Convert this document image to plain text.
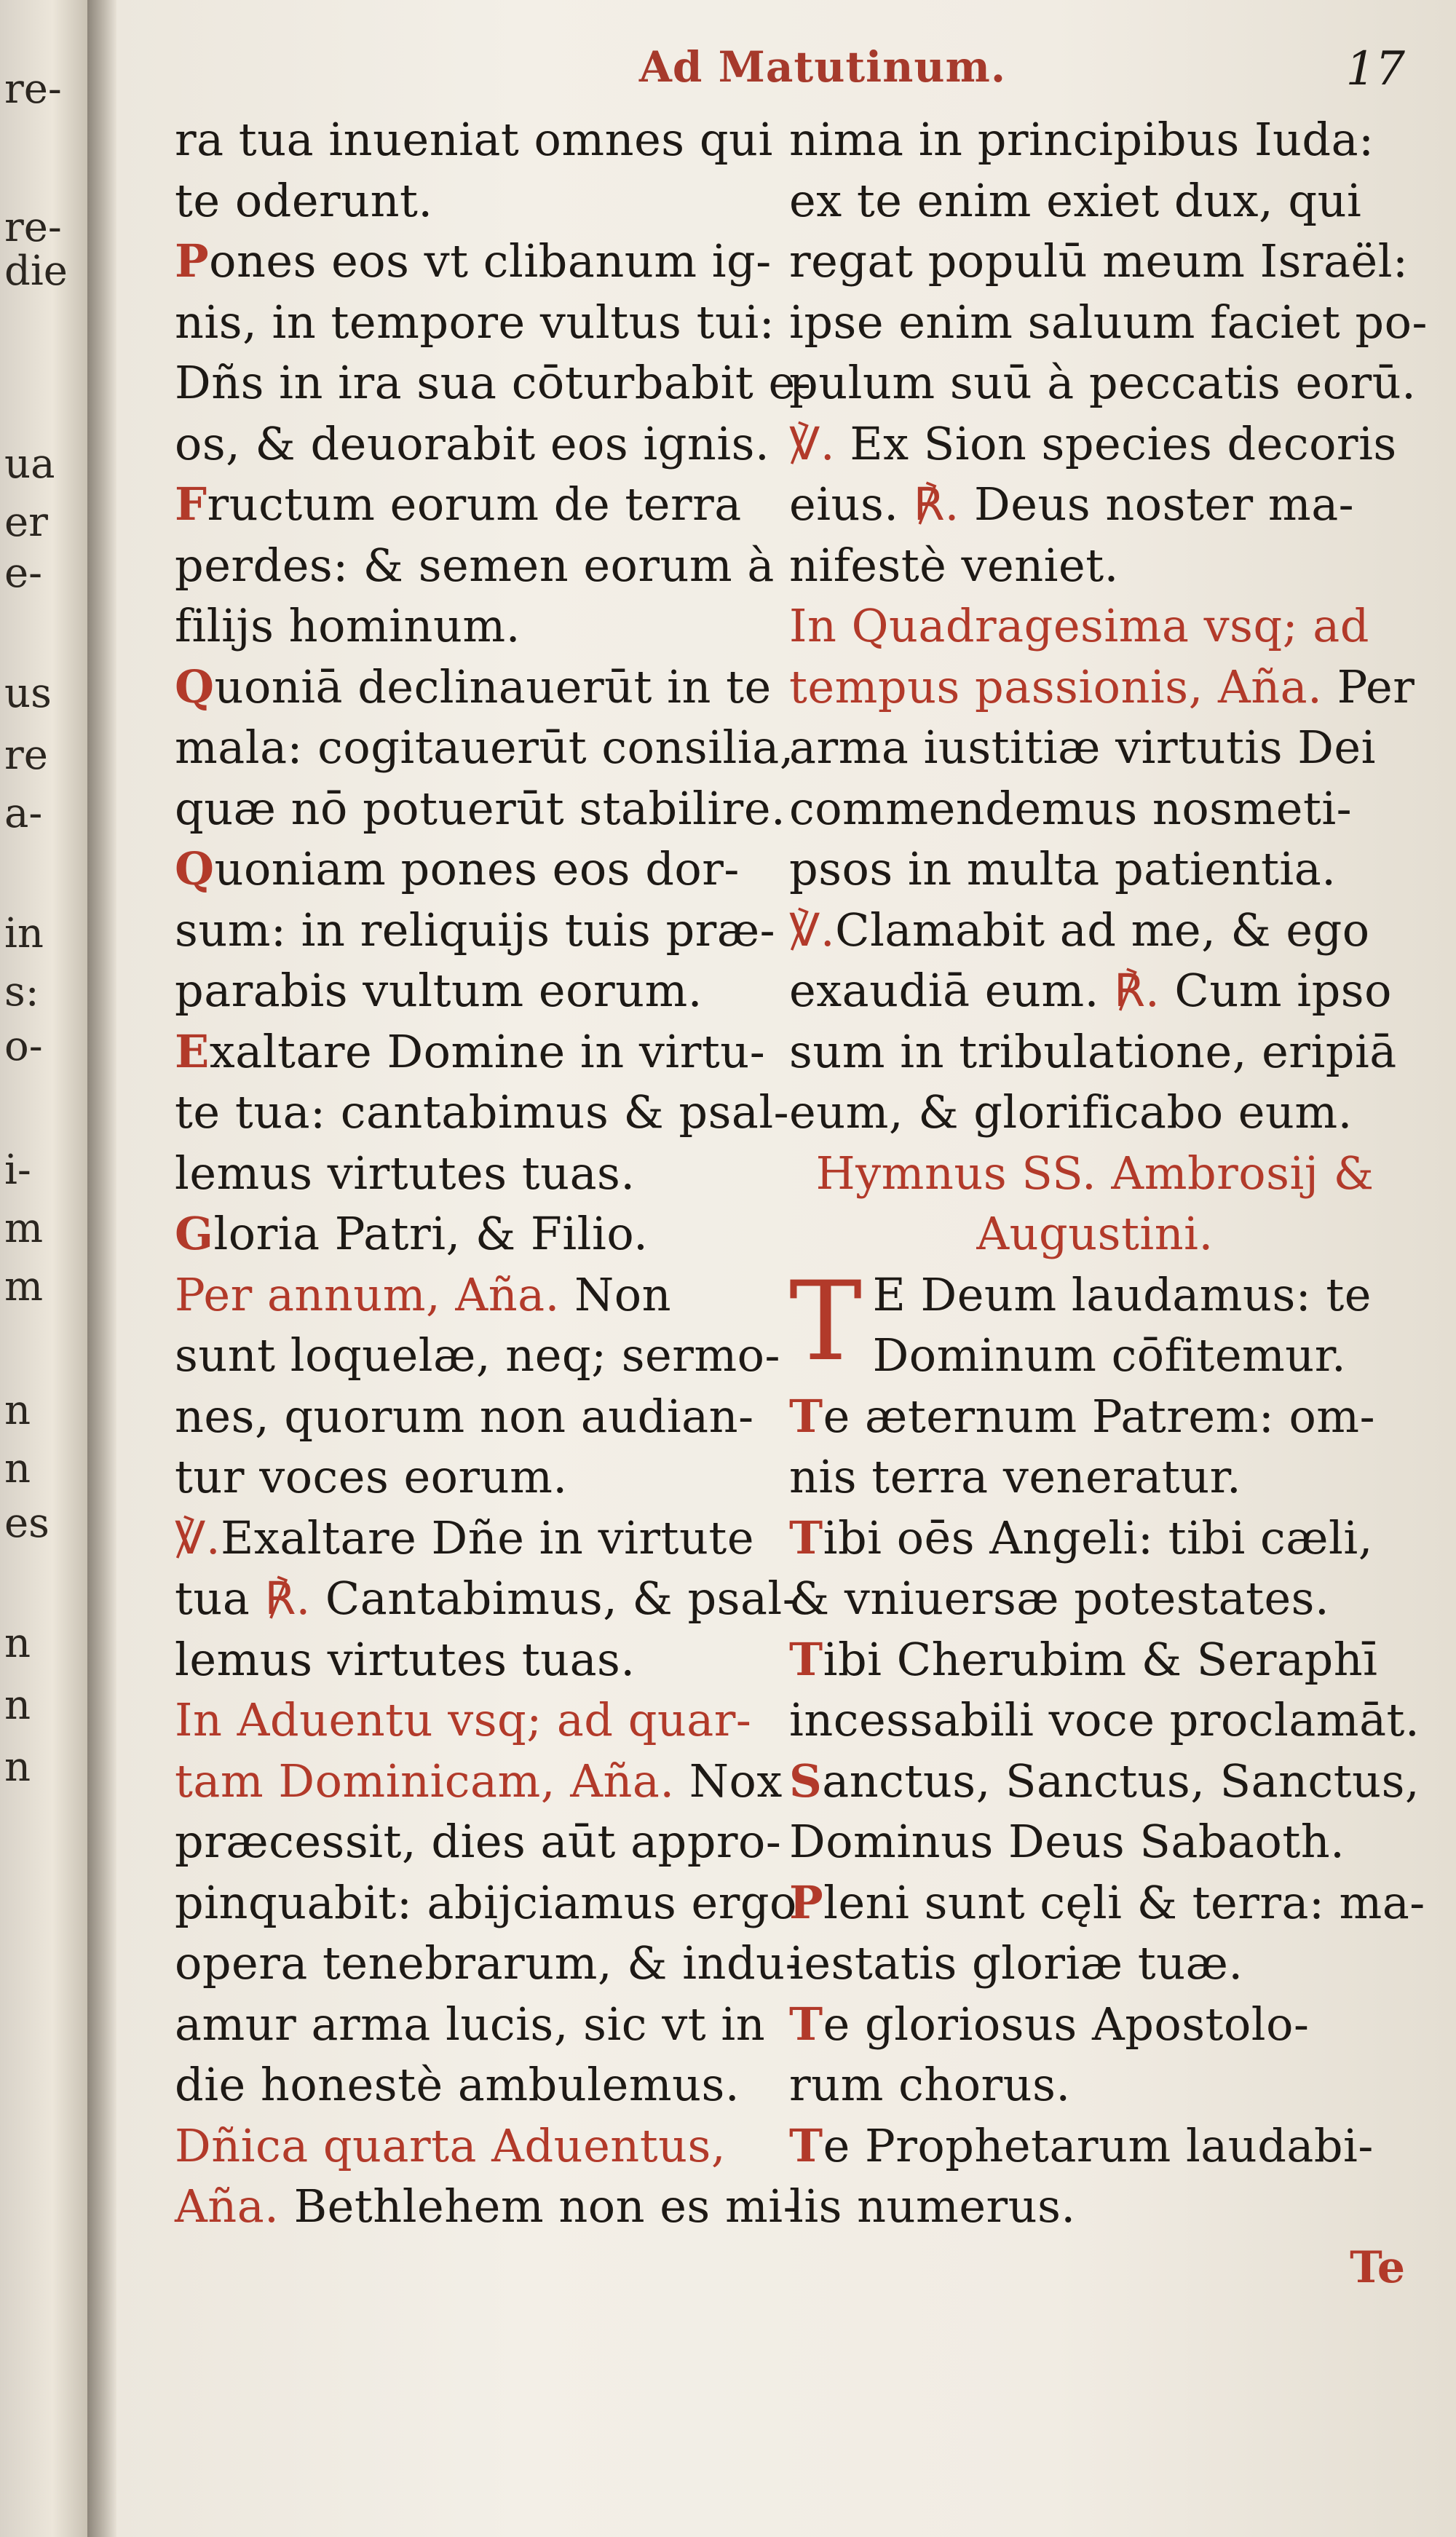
re-
re-
die
ua
er
e-
us
re
a-
in
s:
o-
i-
m
m
n
n
es
n
n
n
Ad Matutinum.	17
ra tua inueniat omnes qui
te oderunt.
Pones eos vt clibanum ig-
nis, in tempore vultus tui:
Dñs in ira sua cōturbabit e-
os, & deuorabit eos ignis.
Fructum eorum de terra
perdes: & semen eorum à
filijs hominum.
Quoniā declinauerūt in te
mala: cogitauerūt consilia,
quæ nō potuerūt stabilire.
Quoniam pones eos dor-
sum: in reliquijs tuis præ-
parabis vultum eorum.
Exaltare Domine in virtu-
te tua: cantabimus & psal-
lemus virtutes tuas.
Gloria Patri, & Filio.
Per annum, Aña. Non
sunt loquelæ, neq; sermo-
nes, quorum non audian-
tur voces eorum.
℣.Exaltare Dñe in virtute
tua ℟. Cantabimus, & psal-
lemus virtutes tuas.
In Aduentu vsq; ad quar-
tam Dominicam, Aña. Nox
præcessit, dies aūt appro-
pinquabit: abijciamus ergo
opera tenebrarum, & indu-
amur arma lucis, sic vt in
die honestè ambulemus.
Dñica quarta Aduentus,
Aña. Bethlehem non es mi-
nima in principibus Iuda:
ex te enim exiet dux, qui
regat populū meum Israël:
ipse enim saluum faciet po-
pulum suū à peccatis eorū.
℣. Ex Sion species decoris
eius. ℟. Deus noster ma-
nifestè veniet.
In Quadragesima vsq; ad
tempus passionis, Aña. Per
arma iustitiæ virtutis Dei
commendemus nosmeti-
psos in multa patientia.
℣.Clamabit ad me, & ego
exaudiā eum. ℟. Cum ipso
sum in tribulatione, eripiā
eum, & glorificabo eum.
Hymnus SS. Ambrosij &
Augustini.
T E Deum laudamus: te
Dominum cōfitemur.
Te æternum Patrem: om-
nis terra veneratur.
Tibi oēs Angeli: tibi cæli,
& vniuersæ potestates.
Tibi Cherubim & Seraphī
incessabili voce proclamāt.
Sanctus, Sanctus, Sanctus,
Dominus Deus Sabaoth.
Pleni sunt cęli & terra: ma-
iestatis gloriæ tuæ.
Te gloriosus Apostolo-
rum chorus.
Te Prophetarum laudabi-
lis numerus.
Te
